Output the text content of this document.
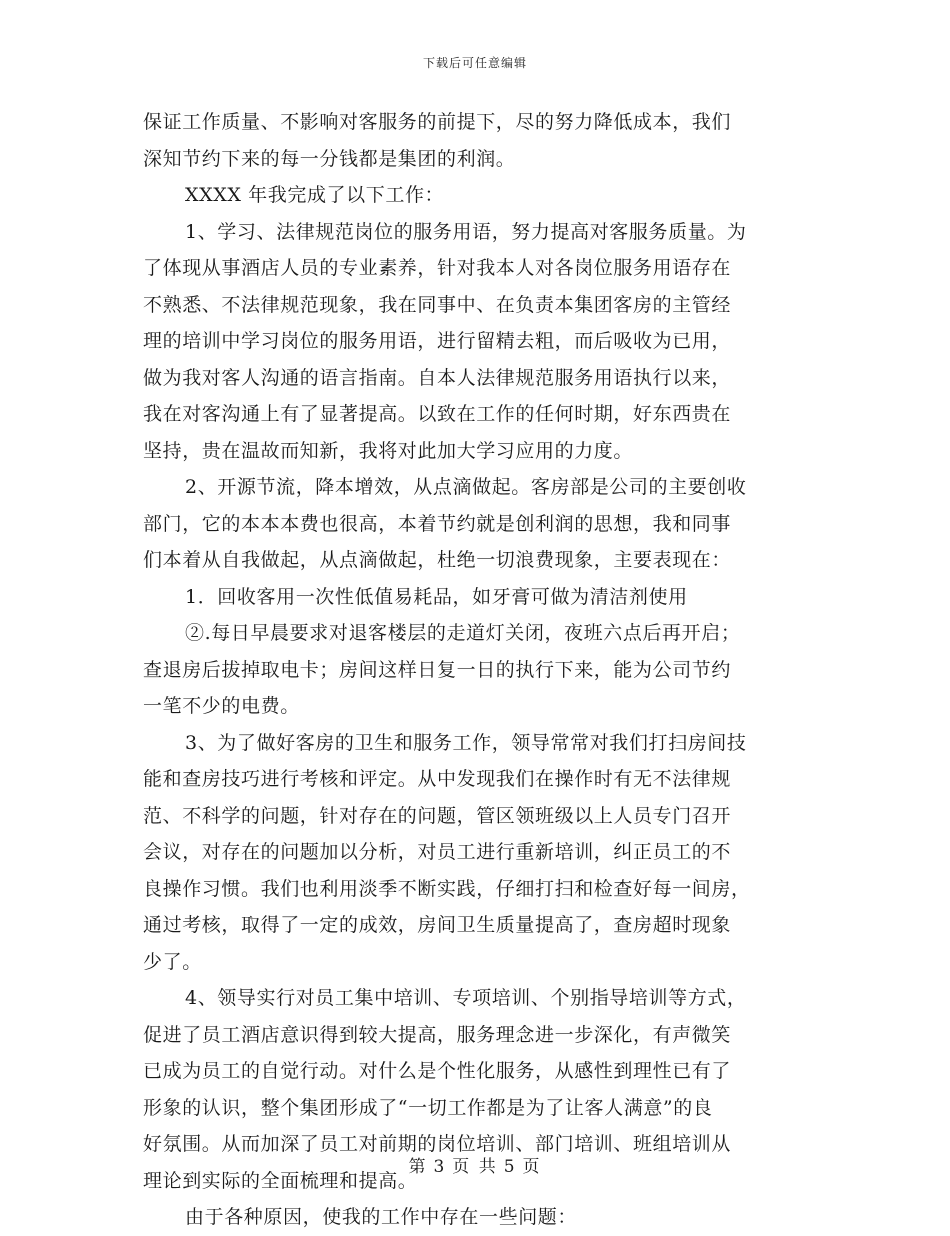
下载后可任意编辑
保证工作质量、不影响对客服务的前提下，尽的努力降低成本，我们
深知节约下来的每一分钱都是集团的利润。
XXXX 年我完成了以下工作：
1、学习、法律规范岗位的服务用语，努力提高对客服务质量。为
了体现从事酒店人员的专业素养，针对我本人对各岗位服务用语存在
不熟悉、不法律规范现象，我在同事中、在负责本集团客房的主管经
理的培训中学习岗位的服务用语，进行留精去粗，而后吸收为已用，
做为我对客人沟通的语言指南。自本人法律规范服务用语执行以来，
我在对客沟通上有了显著提高。以致在工作的任何时期，好东西贵在
坚持，贵在温故而知新，我将对此加大学习应用的力度。
2、开源节流，降本增效，从点滴做起。客房部是公司的主要创收
部门，它的本本本费也很高，本着节约就是创利润的思想，我和同事
们本着从自我做起，从点滴做起，杜绝一切浪费现象，主要表现在：
1．回收客用一次性低值易耗品，如牙膏可做为清洁剂使用
②.每日早晨要求对退客楼层的走道灯关闭，夜班六点后再开启；
查退房后拔掉取电卡；房间这样日复一日的执行下来，能为公司节约
一笔不少的电费。
3、为了做好客房的卫生和服务工作，领导常常对我们打扫房间技
能和查房技巧进行考核和评定。从中发现我们在操作时有无不法律规
范、不科学的问题，针对存在的问题，管区领班级以上人员专门召开
会议，对存在的问题加以分析，对员工进行重新培训，纠正员工的不
良操作习惯。我们也利用淡季不断实践，仔细打扫和检查好每一间房，
通过考核，取得了一定的成效，房间卫生质量提高了，查房超时现象
少了。
4、领导实行对员工集中培训、专项培训、个别指导培训等方式，
促进了员工酒店意识得到较大提高，服务理念进一步深化，有声微笑
已成为员工的自觉行动。对什么是个性化服务，从感性到理性已有了
形象的认识，整个集团形成了“一切工作都是为了让客人满意”的良
好氛围。从而加深了员工对前期的岗位培训、部门培训、班组培训从
理论到实际的全面梳理和提高。
由于各种原因，使我的工作中存在一些问题：
第 3 页 共 5 页
